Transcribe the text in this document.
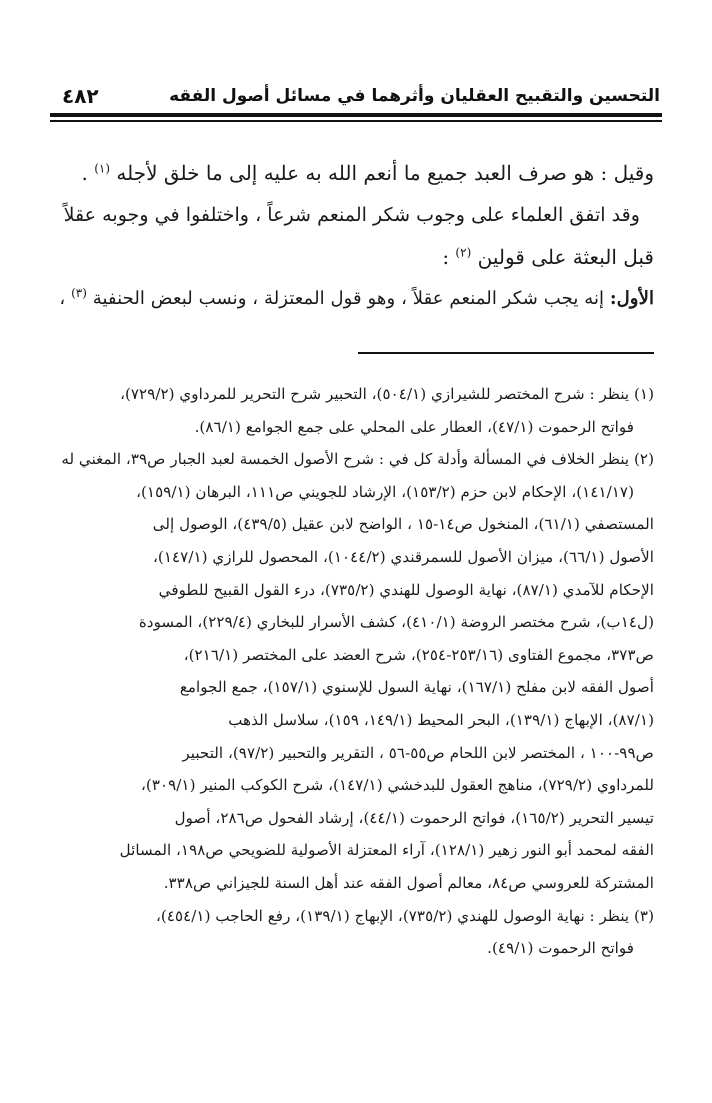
التحسين والتقبيح العقليان وأثرهما في مسائل أصول الفقه
٤٨٢
وقيل : هو صرف العبد جميع ما أنعم الله به عليه إلى ما خلق لأجله $^{(١)}$ .
وقد اتفق العلماء على وجوب شكر المنعم شرعاً ، واختلفوا في وجوبه عقلاً
قبل البعثة على قولين $^{(٢)}$ :
الأول: إنه يجب شكر المنعم عقلاً ، وهو قول المعتزلة ، ونسب لبعض الحنفية $^{(٣)}$ ،
(١) ينظر : شرح المختصر للشيرازي (٥٠٤/١)، التحبير شرح التحرير للمرداوي (٧٢٩/٢)،
فواتح الرحموت (٤٧/١)، العطار على المحلي على جمع الجوامع (٨٦/١).
(٢) ينظر الخلاف في المسألة وأدلة كل في : شرح الأصول الخمسة لعبد الجبار ص٣٩، المغني له
(١٤١/١٧)، الإحكام لابن حزم (١٥٣/٢)، الإرشاد للجويني ص١١١، البرهان (١٥٩/١)،
المستصفي (٦١/١)، المنخول ص١٤-١٥ ، الواضح لابن عقيل (٤٣٩/٥)، الوصول إلى
الأصول (٦٦/١)، ميزان الأصول للسمرقندي (١٠٤٤/٢)، المحصول للرازي (١٤٧/١)،
الإحكام للآمدي (٨٧/١)، نهاية الوصول للهندي (٧٣٥/٢)، درء القول القبيح للطوفي
(ل١٤ب)، شرح مختصر الروضة (٤١٠/١)، كشف الأسرار للبخاري (٢٢٩/٤)، المسودة
ص٣٧٣، مجموع الفتاوى (٢٥٣/١٦-٢٥٤)، شرح العضد على المختصر (٢١٦/١)،
أصول الفقه لابن مفلح (١٦٧/١)، نهاية السول للإسنوي (١٥٧/١)، جمع الجوامع
(٨٧/١)، الإبهاج (١٣٩/١)، البحر المحيط (١٤٩/١، ١٥٩)، سلاسل الذهب
ص٩٩-١٠٠ ، المختصر لابن اللحام ص٥٥-٥٦ ، التقرير والتحبير (٩٧/٢)، التحبير
للمرداوي (٧٢٩/٢)، مناهج العقول للبدخشي (١٤٧/١)، شرح الكوكب المنير (٣٠٩/١)،
تيسير التحرير (١٦٥/٢)، فواتح الرحموت (٤٤/١)، إرشاد الفحول ص٢٨٦، أصول
الفقه لمحمد أبو النور زهير (١٢٨/١)، آراء المعتزلة الأصولية للضويحي ص١٩٨، المسائل
المشتركة للعروسي ص٨٤، معالم أصول الفقه عند أهل السنة للجيزاني ص٣٣٨.
(٣) ينظر : نهاية الوصول للهندي (٧٣٥/٢)، الإبهاج (١٣٩/١)، رفع الحاجب (٤٥٤/١)،
فواتح الرحموت (٤٩/١).
